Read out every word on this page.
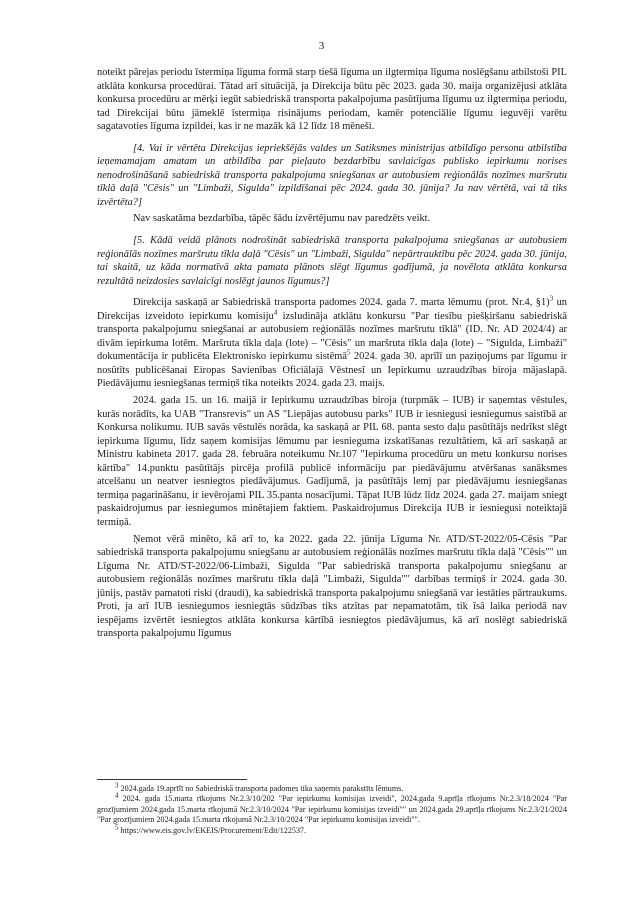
3

noteikt pārejas periodu īstermiņa līguma formā starp tiešā līguma un ilgtermiņa līguma noslēgšanu atbilstoši PIL atklāta konkursa procedūrai. Tātad arī situācijā, ja Direkcija būtu pēc 2023. gada 30. maija organizējusi atklāta konkursa procedūru ar mērķi iegūt sabiedriskā transporta pakalpojuma pasūtījuma līgumu uz ilgtermiņa periodu, tad Direkcijai būtu jāmeklē īstermiņa risinājums periodam, kamēr potenciālie līgumu ieguvēji varētu sagatavoties līguma izpildei, kas ir ne mazāk kā 12 līdz 18 mēneši.

[4. Vai ir vērtēta Direkcijas iepriekšējās valdes un Satiksmes ministrijas atbildīgo personu atbilstība ieņemamajam amatam un atbildība par pieļauto bezdarbību savlaicīgas publisko iepirkumu norises nenodrošināšanā sabiedriskā transporta pakalpojuma sniegšanas ar autobusiem reģionālās nozīmes maršrutu tīklā daļā "Cēsis" un "Limbaži, Sigulda" izpildīšanai pēc 2024. gada 30. jūnija? Ja nav vērtētā, vai tā tiks izvērtēta?]

Nav saskatāma bezdarbība, tāpēc šādu izvērtējumu nav paredzēts veikt.

[5. Kādā veidā plānots nodrošināt sabiedriskā transporta pakalpojuma sniegšanas ar autobusiem reģionālās nozīmes maršrutu tīkla daļā "Cēsis" un "Limbaži, Sigulda" nepārtrauktību pēc 2024. gada 30. jūnija, tai skaitā, uz kāda normatīvā akta pamata plānots slēgt līgumus gadījumā, ja novēlota atklāta konkursa rezultātā neizdosies savlaicīgi noslēgt jaunos līgumus?]

Direkcija saskaņā ar Sabiedriskā transporta padomes 2024. gada 7. marta lēmumu (prot. Nr.4, §1)$^3$ un Direkcijas izveidoto iepirkumu komisiju$^4$ izsludināja atklātu konkursu "Par tiesību piešķiršanu sabiedriskā transporta pakalpojumu sniegšanai ar autobusiem reģionālās nozīmes maršrutu tīklā" (ID. Nr. AD 2024/4) ar divām iepirkuma lotēm. Maršruta tīkla daļa (lote) – "Cēsis" un maršruta tīkla daļa (lote) – "Sigulda, Limbaži" dokumentācija ir publicēta Elektronisko iepirkumu sistēmā$^5$ 2024. gada 30. aprīlī un paziņojums par līgumu ir nosūtīts publicēšanai Eiropas Savienības Oficiālajā Vēstnesī un Iepirkumu uzraudzības biroja mājaslapā. Piedāvājumu iesniegšanas termiņš tika noteikts 2024. gada 23. maijs.

2024. gada 15. un 16. maijā ir Iepirkumu uzraudzības biroja (turpmāk – IUB) ir saņemtas vēstules, kurās norādīts, ka UAB "Transrevis" un AS "Liepājas autobusu parks" IUB ir iesniegusi iesniegumus saistībā ar Konkursa nolikumu. IUB savās vēstulēs norāda, ka saskaņā ar PIL 68. panta sesto daļu pasūtītājs nedrīkst slēgt iepirkuma līgumu, līdz saņem komisijas lēmumu par iesnieguma izskatīšanas rezultātiem, kā arī saskaņā ar Ministru kabineta 2017. gada 28. februāra noteikumu Nr.107 "Iepirkuma procedūru un metu konkursu norises kārtība" 14.punktu pasūtītājs pircēja profilā publicē informāciju par piedāvājumu atvēršanas sanāksmes atcelšanu un neatver iesniegtos piedāvājumus. Gadījumā, ja pasūtītājs lemj par piedāvājumu iesniegšanas termiņa pagarināšanu, ir ievērojami PIL 35.panta nosacījumi. Tāpat IUB lūdz līdz 2024. gada 27. maijam sniegt paskaidrojumus par iesniegumos minētajiem faktiem. Paskaidrojumus Direkcija IUB ir iesniegusi noteiktajā termiņā.

Ņemot vērā minēto, kā arī to, ka 2022. gada 22. jūnija Līguma Nr. ATD/ST-2022/05-Cēsis "Par sabiedriskā transporta pakalpojumu sniegšanu ar autobusiem reģionālās nozīmes maršrutu tīkla daļā "Cēsis"" un Līguma Nr. ATD/ST-2022/06-Limbaži, Sigulda "Par sabiedriskā transporta pakalpojumu sniegšanu ar autobusiem reģionālās nozīmes maršrutu tīkla daļā "Limbaži, Sigulda"" darbības termiņš ir 2024. gada 30. jūnijs, pastāv pamatoti riski (draudi), ka sabiedriskā transporta pakalpojumu sniegšanā var iestāties pārtraukums. Proti, ja arī IUB iesniegumos iesniegtās sūdzības tiks atzītas par nepamatotām, tik īsā laika periodā nav iespējams izvērtēt iesniegtos atklāta konkursa kārtībā iesniegtos piedāvājumus, kā arī noslēgt sabiedriskā transporta pakalpojumu līgumus

$^3$ 2024.gada 19.aprīlī no Sabiedriskā transporta padomes tika saņemts parakstīts lēmums.

$^4$ 2024. gada 15.marta rīkojums Nr.2.3/10/202 "Par iepirkumu komisijas izveidi", 2024.gada 9.aprīļa rīkojums Nr.2.3/18/2024 "Par grozījumiem 2024.gada 15.marta rīkojumā Nr.2.3/10/2024 "Par iepirkumu komisijas izveidi"" un 2024.gada 29.aprīļa rīkojums Nr.2.3/21/2024 "Par grozījumiem 2024.gada 15.marta rīkojumā Nr.2.3/10/2024 "Par iepirkumu komisijas izveidi"".

$^5$ https://www.eis.gov.lv/EKEIS/Procurement/Edit/122537.
